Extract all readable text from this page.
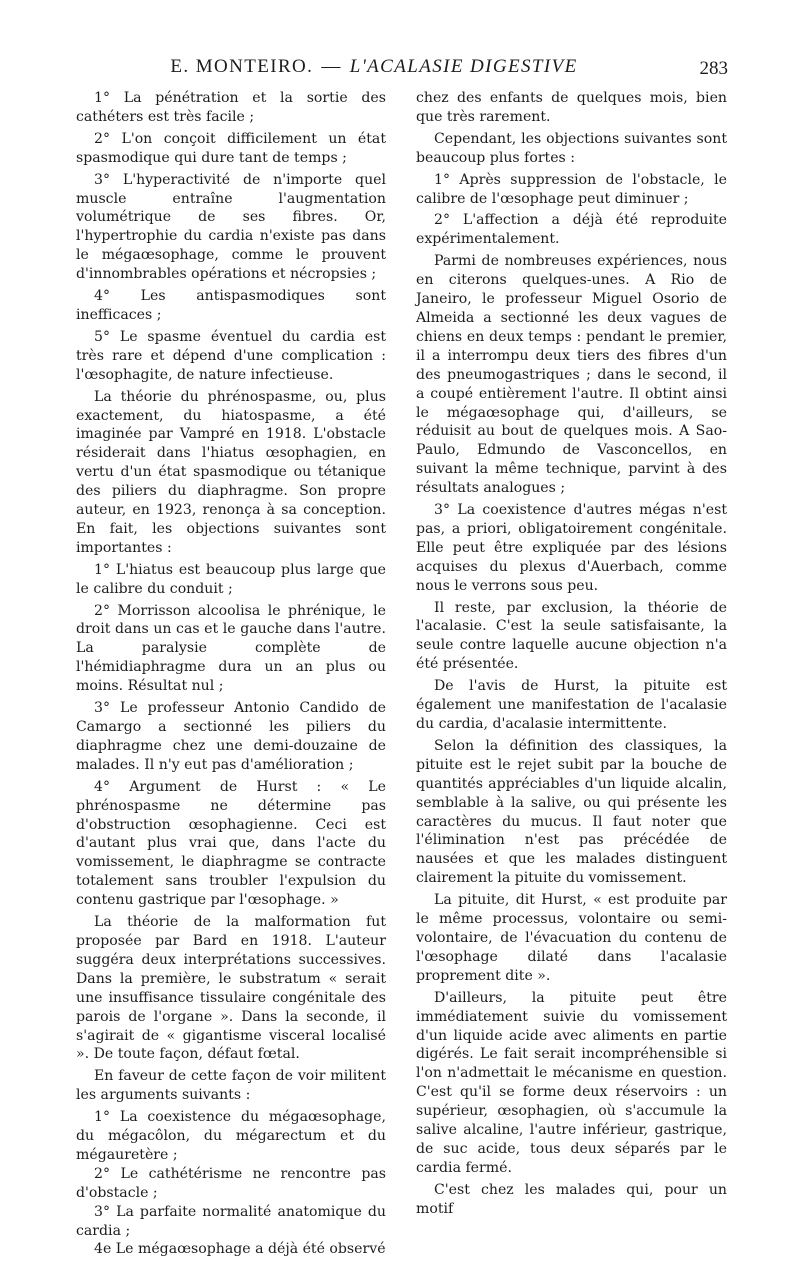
E. MONTEIRO. — L'ACALASIE DIGESTIVE	283

1° La pénétration et la sortie des cathéters est très facile ;

2° L'on conçoit difficilement un état spasmodique qui dure tant de temps ;

3° L'hyperactivité de n'importe quel muscle entraîne l'augmentation volumétrique de ses fibres. Or, l'hypertrophie du cardia n'existe pas dans le mégaœsophage, comme le prouvent d'innombrables opérations et nécropsies ;

4° Les antispasmodiques sont inefficaces ;

5° Le spasme éventuel du cardia est très rare et dépend d'une complication : l'œsophagite, de nature infectieuse.

La théorie du phrénospasme, ou, plus exactement, du hiatospasme, a été imaginée par Vampré en 1918. L'obstacle résiderait dans l'hiatus œsophagien, en vertu d'un état spasmodique ou tétanique des piliers du diaphragme. Son propre auteur, en 1923, renonça à sa conception. En fait, les objections suivantes sont importantes :

1° L'hiatus est beaucoup plus large que le calibre du conduit ;

2° Morrisson alcoolisa le phrénique, le droit dans un cas et le gauche dans l'autre. La paralysie complète de l'hémidiaphragme dura un an plus ou moins. Résultat nul ;

3° Le professeur Antonio Candido de Camargo a sectionné les piliers du diaphragme chez une demi-douzaine de malades. Il n'y eut pas d'amélioration ;

4° Argument de Hurst : « Le phrénospasme ne détermine pas d'obstruction œsophagienne. Ceci est d'autant plus vrai que, dans l'acte du vomissement, le diaphragme se contracte totalement sans troubler l'expulsion du contenu gastrique par l'œsophage. »

La théorie de la malformation fut proposée par Bard en 1918. L'auteur suggéra deux interprétations successives. Dans la première, le substratum « serait une insuffisance tissulaire congénitale des parois de l'organe ». Dans la seconde, il s'agirait de « gigantisme visceral localisé ». De toute façon, défaut fœtal.

En faveur de cette façon de voir militent les arguments suivants :

1° La coexistence du mégaœsophage, du mégacôlon, du mégarectum et du mégauretère ;

2° Le cathétérisme ne rencontre pas d'obstacle ;

3° La parfaite normalité anatomique du cardia ;

4e Le mégaœsophage a déjà été observé

chez des enfants de quelques mois, bien que très rarement.

Cependant, les objections suivantes sont beaucoup plus fortes :

1° Après suppression de l'obstacle, le calibre de l'œsophage peut diminuer ;

2° L'affection a déjà été reproduite expérimentalement.

Parmi de nombreuses expériences, nous en citerons quelques-unes. A Rio de Janeiro, le professeur Miguel Osorio de Almeida a sectionné les deux vagues de chiens en deux temps : pendant le premier, il a interrompu deux tiers des fibres d'un des pneumogastriques ; dans le second, il a coupé entièrement l'autre. Il obtint ainsi le mégaœsophage qui, d'ailleurs, se réduisit au bout de quelques mois. A Sao-Paulo, Edmundo de Vasconcellos, en suivant la même technique, parvint à des résultats analogues ;

3° La coexistence d'autres mégas n'est pas, a priori, obligatoirement congénitale. Elle peut être expliquée par des lésions acquises du plexus d'Auerbach, comme nous le verrons sous peu.

Il reste, par exclusion, la théorie de l'acalasie. C'est la seule satisfaisante, la seule contre laquelle aucune objection n'a été présentée.

De l'avis de Hurst, la pituite est également une manifestation de l'acalasie du cardia, d'acalasie intermittente.

Selon la définition des classiques, la pituite est le rejet subit par la bouche de quantités appréciables d'un liquide alcalin, semblable à la salive, ou qui présente les caractères du mucus. Il faut noter que l'élimination n'est pas précédée de nausées et que les malades distinguent clairement la pituite du vomissement.

La pituite, dit Hurst, « est produite par le même processus, volontaire ou semi-volontaire, de l'évacuation du contenu de l'œsophage dilaté dans l'acalasie proprement dite ».

D'ailleurs, la pituite peut être immédiatement suivie du vomissement d'un liquide acide avec aliments en partie digérés. Le fait serait incompréhensible si l'on n'admettait le mécanisme en question. C'est qu'il se forme deux réservoirs : un supérieur, œsophagien, où s'accumule la salive alcaline, l'autre inférieur, gastrique, de suc acide, tous deux séparés par le cardia fermé.

C'est chez les malades qui, pour un motif
